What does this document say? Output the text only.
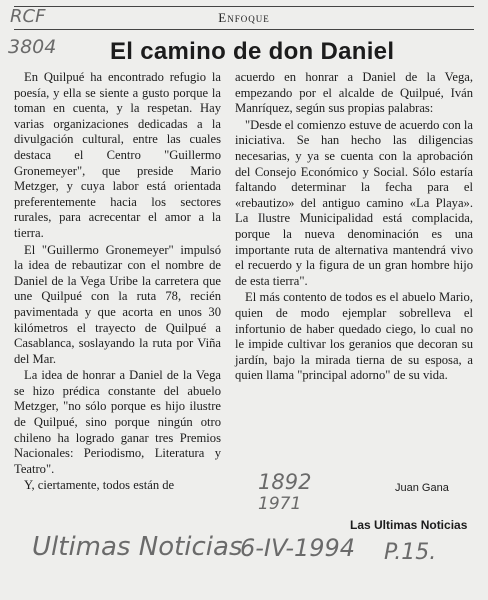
RCF
3804
Enfoque
El camino de don Daniel

En Quilpué ha encontrado refugio la poesía, y ella se siente a gusto porque la toman en cuenta, y la respetan. Hay varias organizaciones dedicadas a la divulgación cultural, entre las cuales destaca el Centro "Guillermo Gronemeyer", que preside Mario Metzger, y cuya labor está orientada preferentemente hacia los sectores rurales, para acrecentar el amor a la tierra.

El "Guillermo Gronemeyer" impulsó la idea de rebautizar con el nombre de Daniel de la Vega Uribe la carretera que une Quilpué con la ruta 78, recién pavimentada y que acorta en unos 30 kilómetros el trayecto de Quilpué a Casablanca, soslayando la ruta por Viña del Mar.

La idea de honrar a Daniel de la Vega se hizo prédica constante del abuelo Metzger, "no sólo porque es hijo ilustre de Quilpué, sino porque ningún otro chileno ha logrado ganar tres Premios Nacionales: Periodismo, Literatura y Teatro".

Y, ciertamente, todos están de

acuerdo en honrar a Daniel de la Vega, empezando por el alcalde de Quilpué, Iván Manríquez, según sus propias palabras:

"Desde el comienzo estuve de acuerdo con la iniciativa. Se han hecho las diligencias necesarias, y ya se cuenta con la aprobación del Consejo Económico y Social. Sólo estaría faltando determinar la fecha para el «rebautizo» del antiguo camino «La Playa». La Ilustre Municipalidad está complacida, porque la nueva denominación es una importante ruta de alternativa mantendrá vivo el recuerdo y la figura de un gran hombre hijo de esta tierra".

El más contento de todos es el abuelo Mario, quien de modo ejemplar sobrelleva el infortunio de haber quedado ciego, lo cual no le impide cultivar los geranios que decoran su jardín, bajo la mirada tierna de su esposa, a quien llama "principal adorno" de su vida.

1892
1971
Juan Gana
Las Ultimas Noticias
Ultimas Noticias
6-IV-1994 P.15.
